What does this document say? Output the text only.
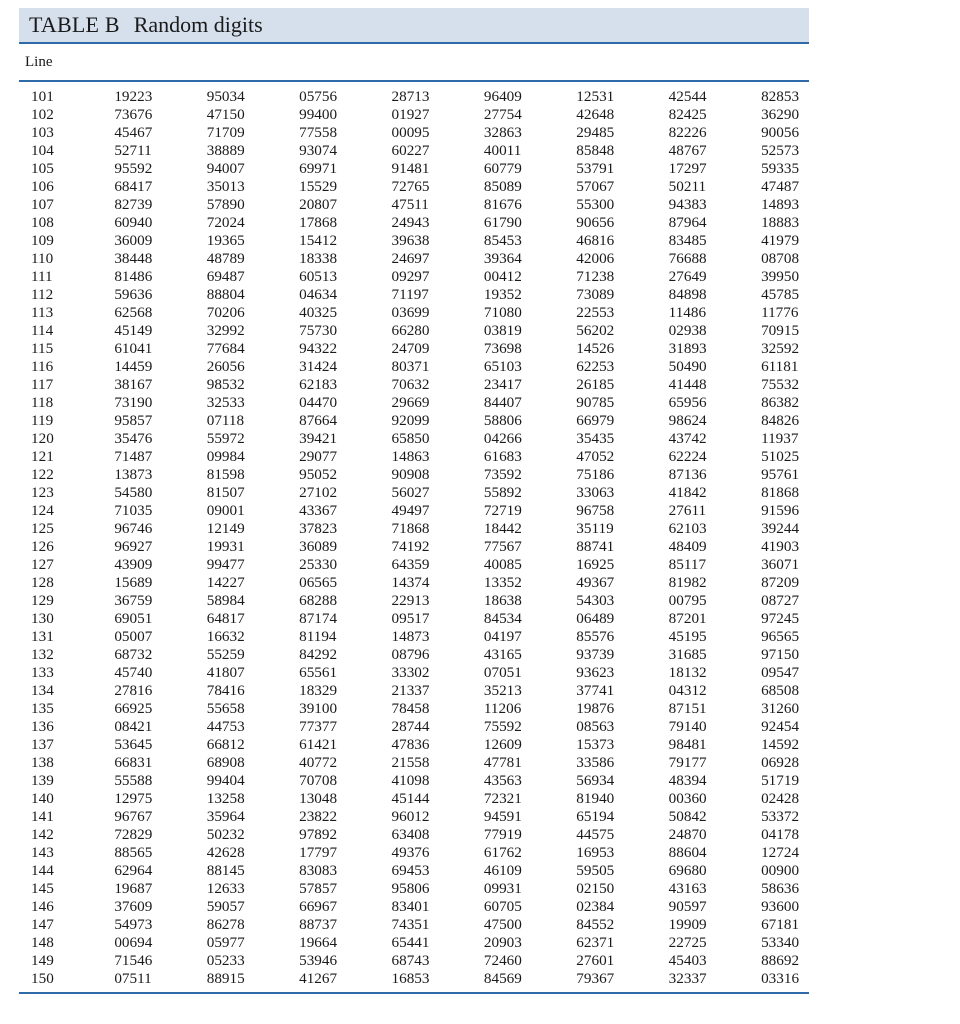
TABLE B Random digits
Line
101	19223	95034	05756	28713	96409	12531	42544	82853
102	73676	47150	99400	01927	27754	42648	82425	36290
103	45467	71709	77558	00095	32863	29485	82226	90056
104	52711	38889	93074	60227	40011	85848	48767	52573
105	95592	94007	69971	91481	60779	53791	17297	59335
106	68417	35013	15529	72765	85089	57067	50211	47487
107	82739	57890	20807	47511	81676	55300	94383	14893
108	60940	72024	17868	24943	61790	90656	87964	18883
109	36009	19365	15412	39638	85453	46816	83485	41979
110	38448	48789	18338	24697	39364	42006	76688	08708
111	81486	69487	60513	09297	00412	71238	27649	39950
112	59636	88804	04634	71197	19352	73089	84898	45785
113	62568	70206	40325	03699	71080	22553	11486	11776
114	45149	32992	75730	66280	03819	56202	02938	70915
115	61041	77684	94322	24709	73698	14526	31893	32592
116	14459	26056	31424	80371	65103	62253	50490	61181
117	38167	98532	62183	70632	23417	26185	41448	75532
118	73190	32533	04470	29669	84407	90785	65956	86382
119	95857	07118	87664	92099	58806	66979	98624	84826
120	35476	55972	39421	65850	04266	35435	43742	11937
121	71487	09984	29077	14863	61683	47052	62224	51025
122	13873	81598	95052	90908	73592	75186	87136	95761
123	54580	81507	27102	56027	55892	33063	41842	81868
124	71035	09001	43367	49497	72719	96758	27611	91596
125	96746	12149	37823	71868	18442	35119	62103	39244
126	96927	19931	36089	74192	77567	88741	48409	41903
127	43909	99477	25330	64359	40085	16925	85117	36071
128	15689	14227	06565	14374	13352	49367	81982	87209
129	36759	58984	68288	22913	18638	54303	00795	08727
130	69051	64817	87174	09517	84534	06489	87201	97245
131	05007	16632	81194	14873	04197	85576	45195	96565
132	68732	55259	84292	08796	43165	93739	31685	97150
133	45740	41807	65561	33302	07051	93623	18132	09547
134	27816	78416	18329	21337	35213	37741	04312	68508
135	66925	55658	39100	78458	11206	19876	87151	31260
136	08421	44753	77377	28744	75592	08563	79140	92454
137	53645	66812	61421	47836	12609	15373	98481	14592
138	66831	68908	40772	21558	47781	33586	79177	06928
139	55588	99404	70708	41098	43563	56934	48394	51719
140	12975	13258	13048	45144	72321	81940	00360	02428
141	96767	35964	23822	96012	94591	65194	50842	53372
142	72829	50232	97892	63408	77919	44575	24870	04178
143	88565	42628	17797	49376	61762	16953	88604	12724
144	62964	88145	83083	69453	46109	59505	69680	00900
145	19687	12633	57857	95806	09931	02150	43163	58636
146	37609	59057	66967	83401	60705	02384	90597	93600
147	54973	86278	88737	74351	47500	84552	19909	67181
148	00694	05977	19664	65441	20903	62371	22725	53340
149	71546	05233	53946	68743	72460	27601	45403	88692
150	07511	88915	41267	16853	84569	79367	32337	03316
